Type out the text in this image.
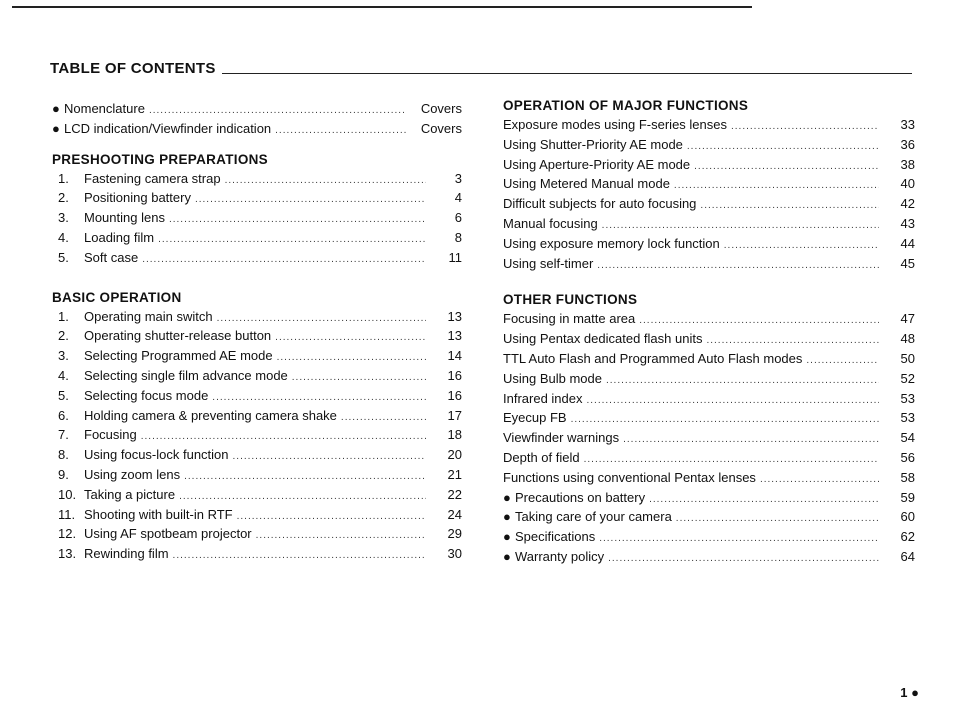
TABLE OF CONTENTS
● Nomenclature .....	Covers
● LCD indication/Viewfinder indication .....	Covers
PRESHOOTING PREPARATIONS
1.	Fastening camera strap .....	3
2.	Positioning battery .....	4
3.	Mounting lens .....	6
4.	Loading film .....	8
5.	Soft case .....	11
BASIC OPERATION
1.	Operating main switch .....	13
2.	Operating shutter-release button .....	13
3.	Selecting Programmed AE mode .....	14
4.	Selecting single film advance mode .....	16
5.	Selecting focus mode .....	16
6.	Holding camera & preventing camera shake .....	17
7.	Focusing .....	18
8.	Using focus-lock function .....	20
9.	Using zoom lens .....	21
10. Taking a picture .....	22
11. Shooting with built-in RTF .....	24
12. Using AF spotbeam projector .....	29
13. Rewinding film .....	30
OPERATION OF MAJOR FUNCTIONS
Exposure modes using F-series lenses .....	33
Using Shutter-Priority AE mode .....	36
Using Aperture-Priority AE mode .....	38
Using Metered Manual mode .....	40
Difficult subjects for auto focusing .....	42
Manual focusing .....	43
Using exposure memory lock function .....	44
Using self-timer .....	45
OTHER FUNCTIONS
Focusing in matte area .....	47
Using Pentax dedicated flash units .....	48
TTL Auto Flash and Programmed Auto Flash modes .....	50
Using Bulb mode .....	52
Infrared index .....	53
Eyecup FB .....	53
Viewfinder warnings .....	54
Depth of field .....	56
Functions using conventional Pentax lenses .....	58
● Precautions on battery .....	59
● Taking care of your camera .....	60
● Specifications .....	62
● Warranty policy .....	64
1 ●
